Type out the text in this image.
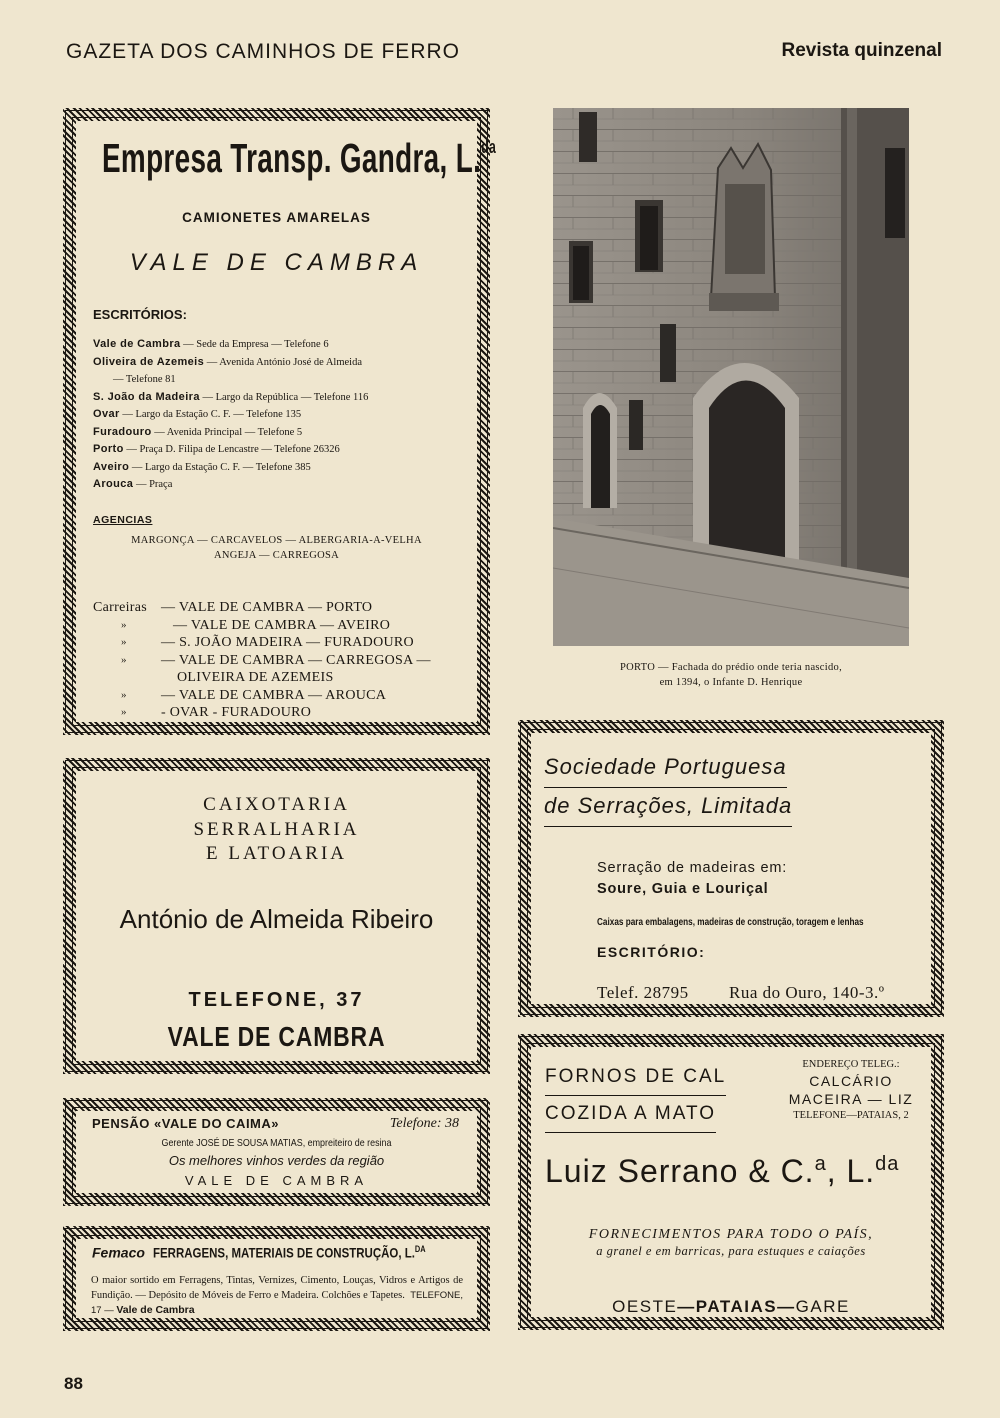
GAZETA DOS CAMINHOS DE FERRO	Revista quinzenal
Empresa Transp. Gandra, L.$^{da}$
CAMIONETES AMARELAS
VALE DE CAMBRA
ESCRITÓRIOS:
Vale de Cambra — Sede da Empresa — Telefone 6
Oliveira de Azemeis — Avenida António José de Almeida
— Telefone 81
S. João da Madeira — Largo da República — Telefone 116
Ovar — Largo da Estação C. F. — Telefone 135
Furadouro — Avenida Principal — Telefone 5
Porto — Praça D. Filipa de Lencastre — Telefone 26326
Aveiro — Largo da Estação C. F. — Telefone 385
Arouca — Praça
AGENCIAS
MARGONÇA — CARCAVELOS — ALBERGARIA-A-VELHA
ANGEJA — CARREGOSA
Carreiras — VALE DE CAMBRA — PORTO
»	— VALE DE CAMBRA — AVEIRO
» — S. JOÃO MADEIRA — FURADOURO
» — VALE DE CAMBRA — CARREGOSA —
OLIVEIRA DE AZEMEIS
» — VALE DE CAMBRA — AROUCA
» - OVAR - FURADOURO
CAIXOTARIA
SERRALHARIA
E LATOARIA
António de Almeida Ribeiro
TELEFONE, 37
VALE DE CAMBRA
PENSÃO «VALE DO CAIMA»	Telefone: 38
Gerente JOSÉ DE SOUSA MATIAS, empreiteiro de resina
Os melhores vinhos verdes da região
VALE DE CAMBRA
Femaco FERRAGENS, MATERIAIS DE CONSTRUÇÃO, L.$^{DA}$
O maior sortido em Ferragens, Tintas, Vernizes, Cimento, Louças, Vidros e Artigos de Fundição. — Depósito de Móveis de Ferro e Madeira. Colchões e Tapetes. TELEFONE, 17 — Vale de Cambra
PORTO — Fachada do prédio onde teria nascido,
em 1394, o Infante D. Henrique
Sociedade Portuguesa
de Serrações, Limitada
Serração de madeiras em:
Soure, Guia e Louriçal
Caixas para embalagens, madeiras de construção, toragem e lenhas
ESCRITÓRIO:
Telef. 28795 Rua do Ouro, 140-3.º
FORNOS DE CAL
COZIDA A MATO
ENDEREÇO TELEG.:
CALCÁRIO
MACEIRA — LIZ
TELEFONE—PATAIAS, 2
Luiz Serrano & C.$^a$, L.$^{da}$
FORNECIMENTOS PARA TODO O PAÍS,
a granel e em barricas, para estuques e caiações
OESTE—PATAIAS—GARE
88
